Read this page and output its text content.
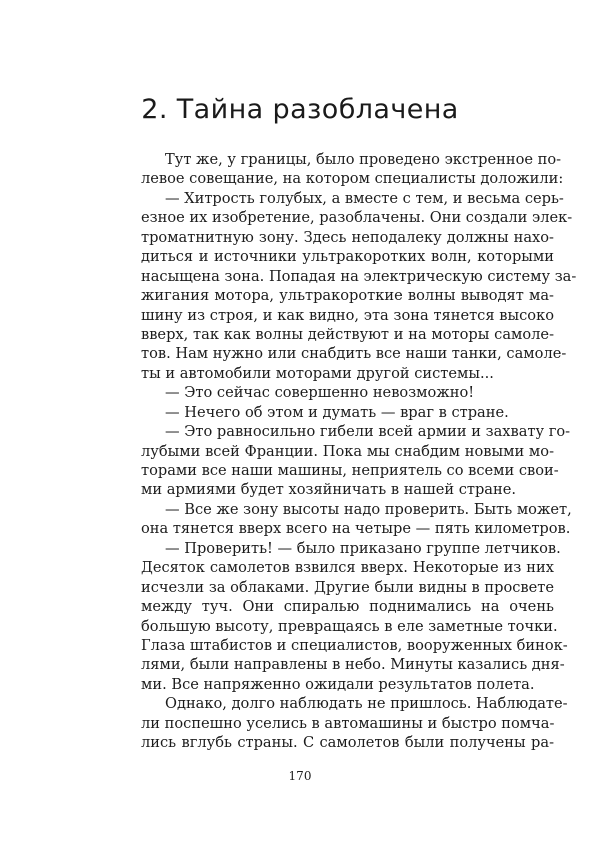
2. Тайна разоблачена
Тут же, у границы, было проведено экстренное по-
левое совещание, на котором специалисты доложили:
— Хитрость голубых, а вместе с тем, и весьма серь-
езное их изобретение, разоблачены. Они создали элек-
троматнитную зону. Здесь неподалеку должны нахо-
диться и источники ультракоротких волн, которыми
насыщена зона. Попадая на электрическую систему за-
жигания мотора, ультракороткие волны выводят ма-
шину из строя, и как видно, эта зона тянется высоко
вверх, так как волны действуют и на моторы самоле-
тов. Нам нужно или снабдить все наши танки, самоле-
ты и автомобили моторами другой системы...
— Это сейчас совершенно невозможно!
— Нечего об этом и думать — враг в стране.
— Это равносильно гибели всей армии и захвату го-
лубыми всей Франции. Пока мы снабдим новыми мо-
торами все наши машины, неприятель со всеми свои-
ми армиями будет хозяйничать в нашей стране.
— Все же зону высоты надо проверить. Быть может,
она тянется вверх всего на четыре — пять километров.
— Проверить! — было приказано группе летчиков.
Десяток самолетов взвился вверх. Некоторые из них
исчезли за облаками. Другие были видны в просвете
между туч. Они спиралью поднимались на очень
большую высоту, превращаясь в еле заметные точки.
Глаза штабистов и специалистов, вооруженных бинок-
лями, были направлены в небо. Минуты казались дня-
ми. Все напряженно ожидали результатов полета.
Однако, долго наблюдать не пришлось. Наблюдате-
ли поспешно уселись в автомашины и быстро помча-
лись вглубь страны. С самолетов были получены ра-
170
